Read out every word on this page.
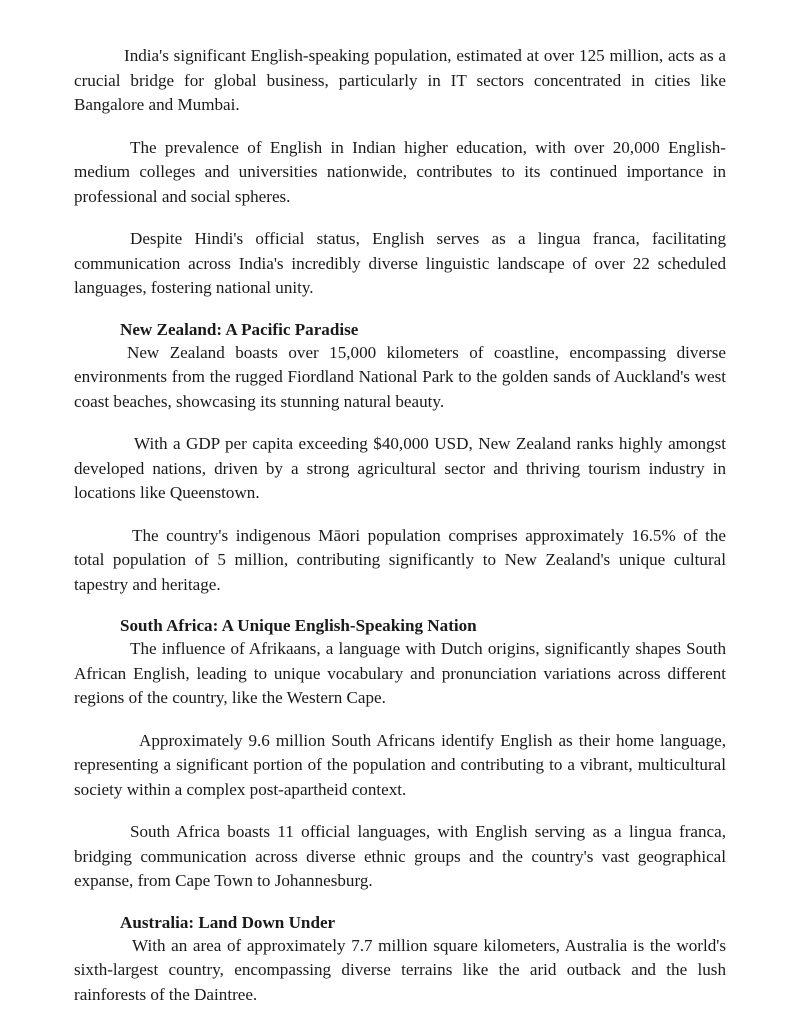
India's significant English-speaking population, estimated at over 125 million, acts as a crucial bridge for global business, particularly in IT sectors concentrated in cities like Bangalore and Mumbai.

The prevalence of English in Indian higher education, with over 20,000 English-medium colleges and universities nationwide, contributes to its continued importance in professional and social spheres.

Despite Hindi's official status, English serves as a lingua franca, facilitating communication across India's incredibly diverse linguistic landscape of over 22 scheduled languages, fostering national unity.

New Zealand: A Pacific Paradise

New Zealand boasts over 15,000 kilometers of coastline, encompassing diverse environments from the rugged Fiordland National Park to the golden sands of Auckland's west coast beaches, showcasing its stunning natural beauty.

With a GDP per capita exceeding $40,000 USD, New Zealand ranks highly amongst developed nations, driven by a strong agricultural sector and thriving tourism industry in locations like Queenstown.

The country's indigenous Māori population comprises approximately 16.5% of the total population of 5 million, contributing significantly to New Zealand's unique cultural tapestry and heritage.

South Africa: A Unique English-Speaking Nation

The influence of Afrikaans, a language with Dutch origins, significantly shapes South African English, leading to unique vocabulary and pronunciation variations across different regions of the country, like the Western Cape.

Approximately 9.6 million South Africans identify English as their home language, representing a significant portion of the population and contributing to a vibrant, multicultural society within a complex post-apartheid context.

South Africa boasts 11 official languages, with English serving as a lingua franca, bridging communication across diverse ethnic groups and the country's vast geographical expanse, from Cape Town to Johannesburg.

Australia: Land Down Under

With an area of approximately 7.7 million square kilometers, Australia is the world's sixth-largest country, encompassing diverse terrains like the arid outback and the lush rainforests of the Daintree.
